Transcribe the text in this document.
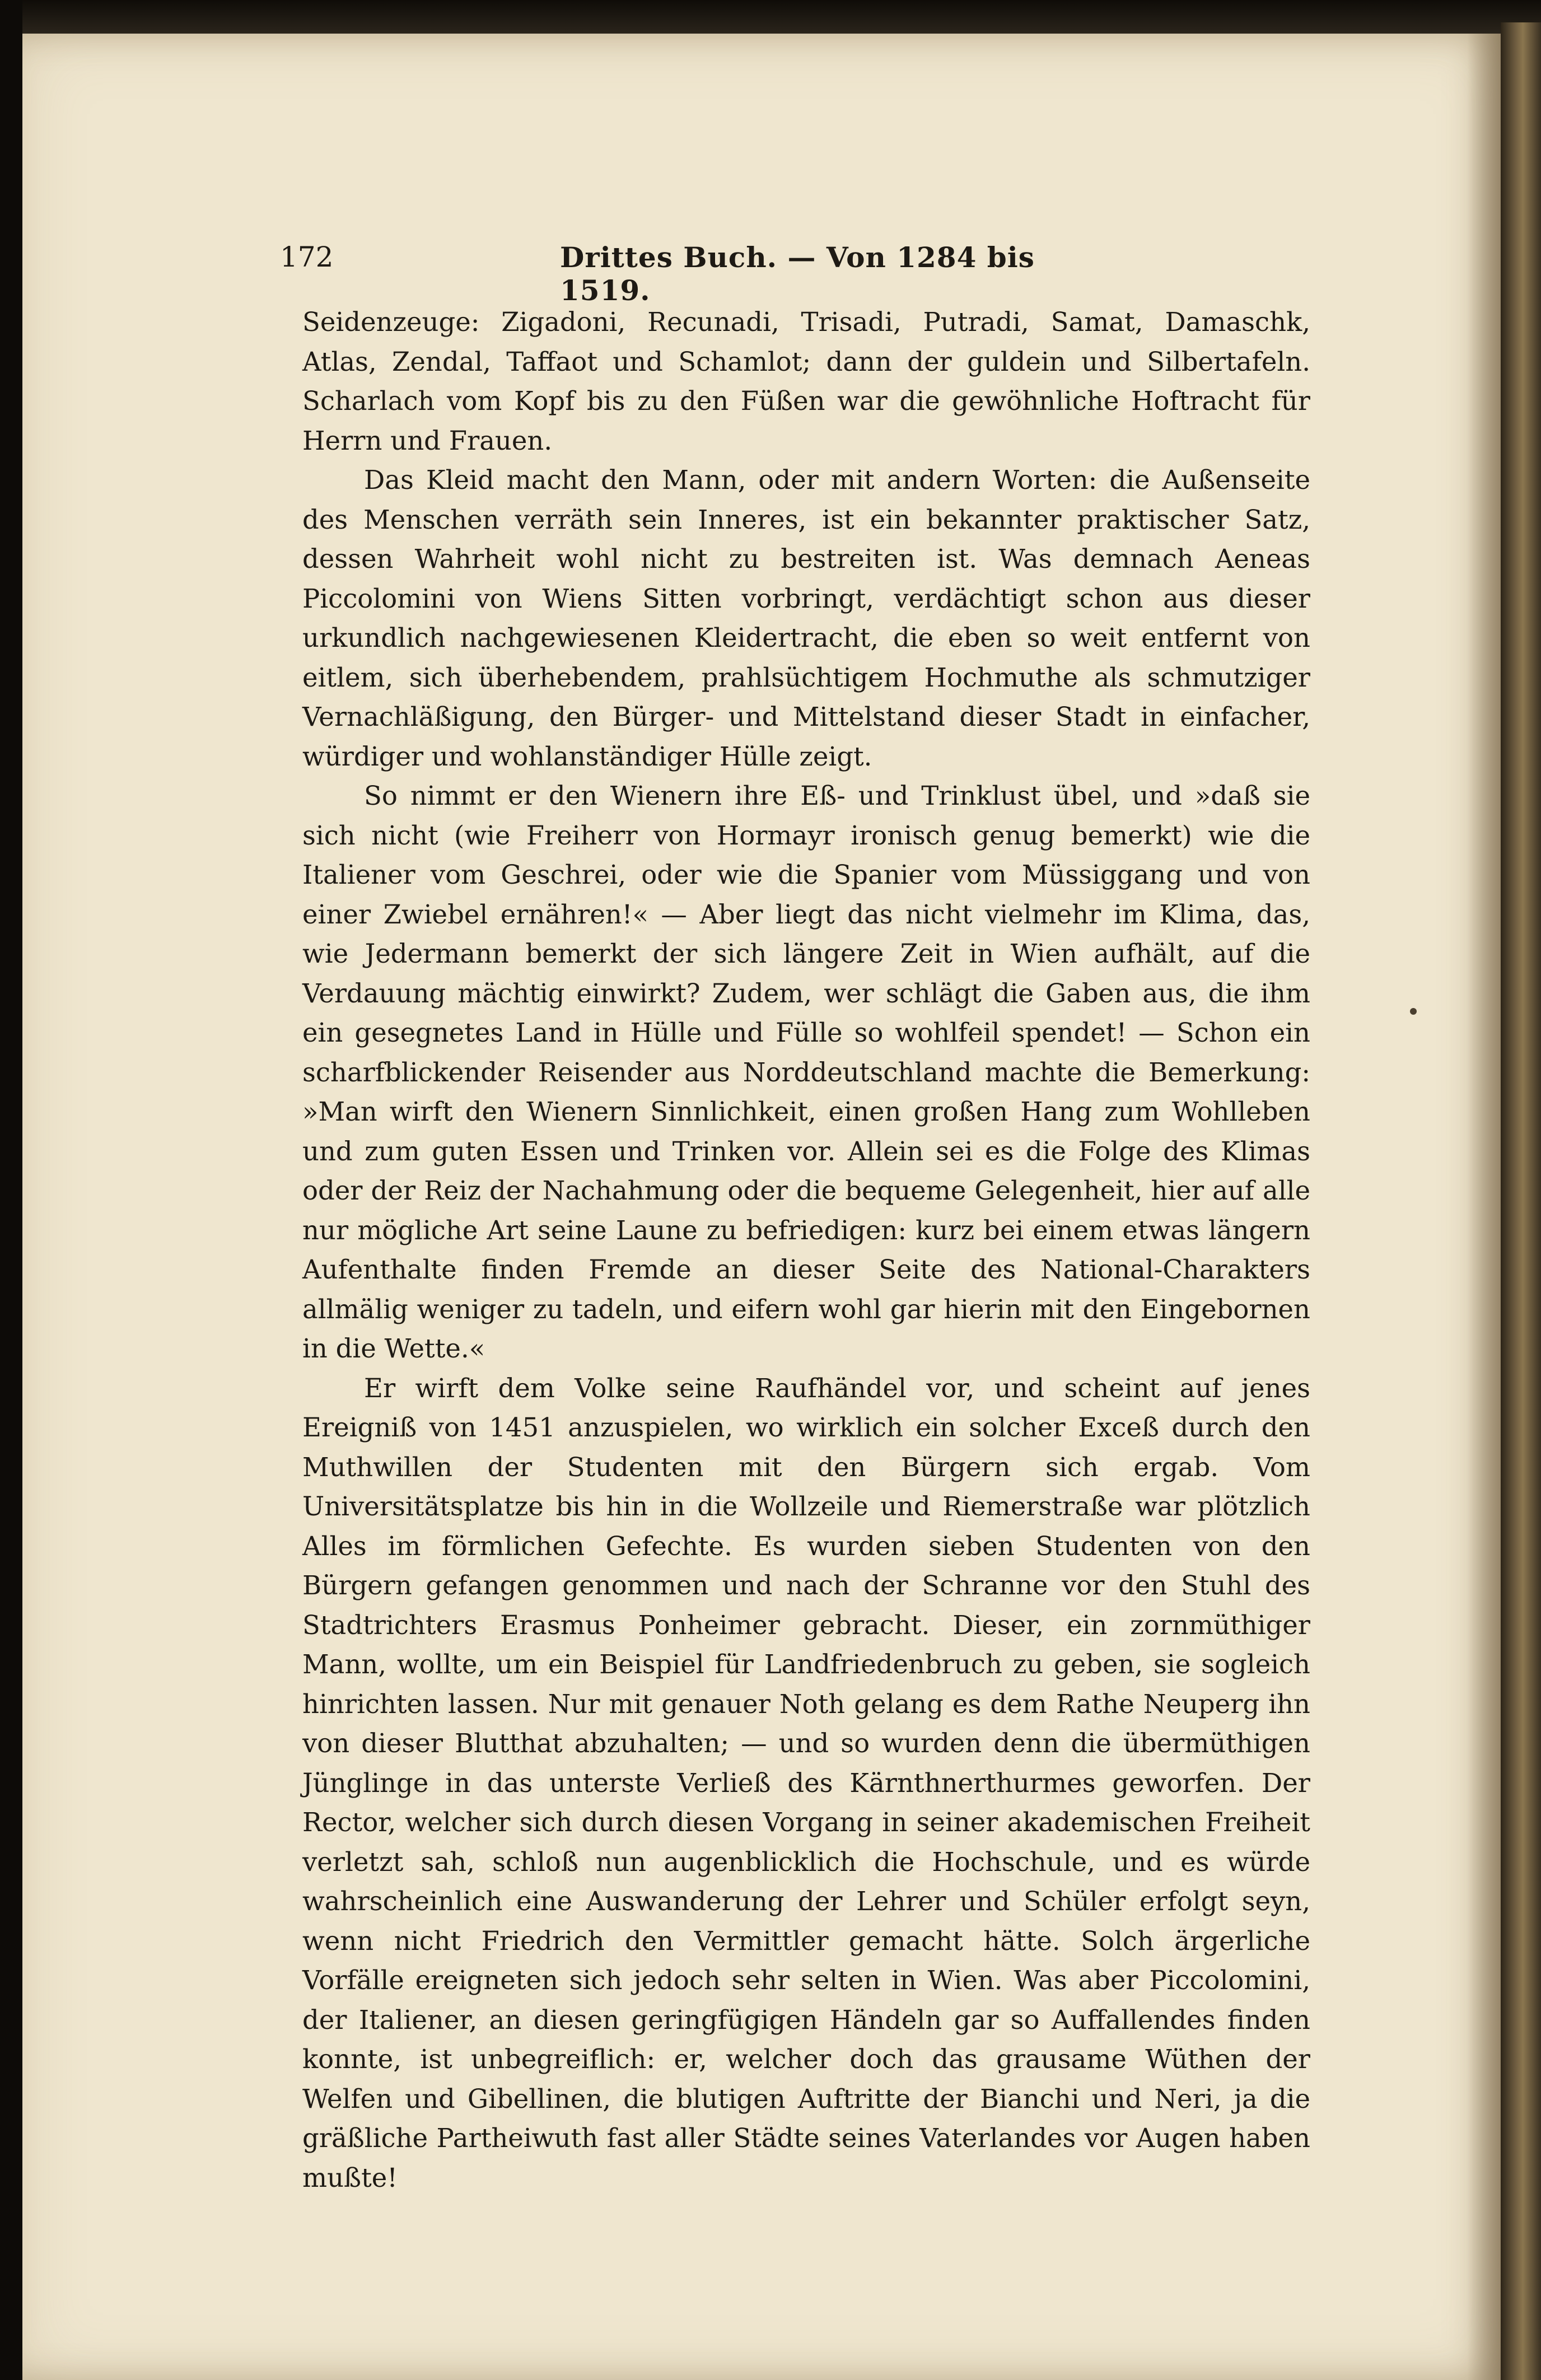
172	Drittes Buch. — Von 1284 bis 1519.

Seidenzeuge: Zigadoni, Recunadi, Trisadi, Putradi, Samat, Damaschk, Atlas, Zendal, Taffaot und Schamlot; dann der guldein und Silbertafeln. Scharlach vom Kopf bis zu den Füßen war die gewöhnliche Hoftracht für Herrn und Frauen.

Das Kleid macht den Mann, oder mit andern Worten: die Außenseite des Menschen verräth sein Inneres, ist ein bekannter praktischer Satz, dessen Wahrheit wohl nicht zu bestreiten ist. Was demnach Aeneas Piccolomini von Wiens Sitten vorbringt, verdächtigt schon aus dieser urkundlich nachgewiesenen Kleidertracht, die eben so weit entfernt von eitlem, sich überhebendem, prahlsüchtigem Hochmuthe als schmutziger Vernachläßigung, den Bürger- und Mittelstand dieser Stadt in einfacher, würdiger und wohlanständiger Hülle zeigt.

So nimmt er den Wienern ihre Eß- und Trinklust übel, und »daß sie sich nicht (wie Freiherr von Hormayr ironisch genug bemerkt) wie die Italiener vom Geschrei, oder wie die Spanier vom Müssiggang und von einer Zwiebel ernähren!« — Aber liegt das nicht vielmehr im Klima, das, wie Jedermann bemerkt der sich längere Zeit in Wien aufhält, auf die Verdauung mächtig einwirkt? Zudem, wer schlägt die Gaben aus, die ihm ein gesegnetes Land in Hülle und Fülle so wohlfeil spendet! — Schon ein scharfblickender Reisender aus Norddeutschland machte die Bemerkung: »Man wirft den Wienern Sinnlichkeit, einen großen Hang zum Wohlleben und zum guten Essen und Trinken vor. Allein sei es die Folge des Klimas oder der Reiz der Nachahmung oder die bequeme Gelegenheit, hier auf alle nur mögliche Art seine Laune zu befriedigen: kurz bei einem etwas längern Aufenthalte finden Fremde an dieser Seite des National-Charakters allmälig weniger zu tadeln, und eifern wohl gar hierin mit den Eingebornen in die Wette.«

Er wirft dem Volke seine Raufhändel vor, und scheint auf jenes Ereigniß von 1451 anzuspielen, wo wirklich ein solcher Exceß durch den Muthwillen der Studenten mit den Bürgern sich ergab. Vom Universitätsplatze bis hin in die Wollzeile und Riemerstraße war plötzlich Alles im förmlichen Gefechte. Es wurden sieben Studenten von den Bürgern gefangen genommen und nach der Schranne vor den Stuhl des Stadtrichters Erasmus Ponheimer gebracht. Dieser, ein zornmüthiger Mann, wollte, um ein Beispiel für Landfriedenbruch zu geben, sie sogleich hinrichten lassen. Nur mit genauer Noth gelang es dem Rathe Neuperg ihn von dieser Blutthat abzuhalten; — und so wurden denn die übermüthigen Jünglinge in das unterste Verließ des Kärnthnerthurmes geworfen. Der Rector, welcher sich durch diesen Vorgang in seiner akademischen Freiheit verletzt sah, schloß nun augenblicklich die Hochschule, und es würde wahrscheinlich eine Auswanderung der Lehrer und Schüler erfolgt seyn, wenn nicht Friedrich den Vermittler gemacht hätte. Solch ärgerliche Vorfälle ereigneten sich jedoch sehr selten in Wien. Was aber Piccolomini, der Italiener, an diesen geringfügigen Händeln gar so Auffallendes finden konnte, ist unbegreiflich: er, welcher doch das grausame Wüthen der Welfen und Gibellinen, die blutigen Auftritte der Bianchi und Neri, ja die gräßliche Partheiwuth fast aller Städte seines Vaterlandes vor Augen haben mußte!
